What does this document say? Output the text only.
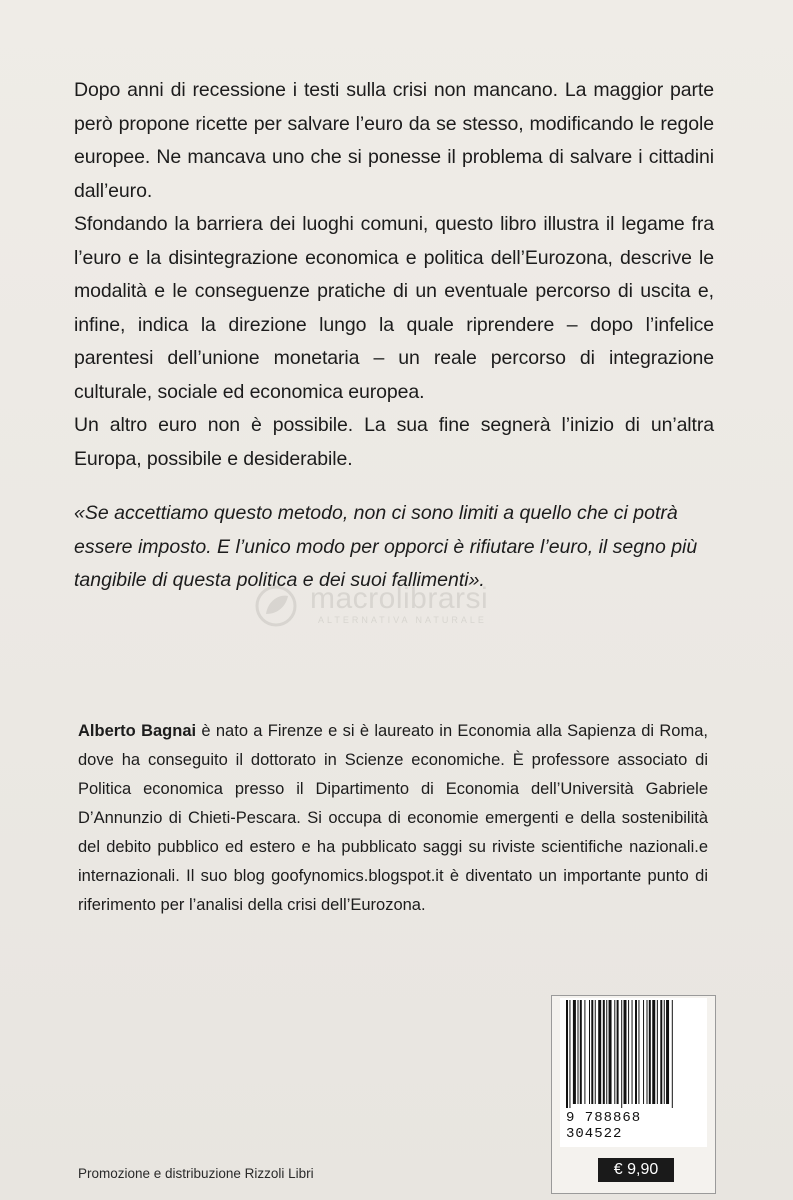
Dopo anni di recessione i testi sulla crisi non mancano. La maggior parte però propone ricette per salvare l’euro da se stesso, modificando le regole europee. Ne mancava uno che si ponesse il problema di salvare i cittadini dall’euro.

Sfondando la barriera dei luoghi comuni, questo libro illustra il legame fra l’euro e la disintegrazione economica e politica dell’Eurozona, descrive le modalità e le conseguenze pratiche di un eventuale percorso di uscita e, infine, indica la direzione lungo la quale riprendere – dopo l’infelice parentesi dell’unione monetaria – un reale percorso di integrazione culturale, sociale ed economica europea.

Un altro euro non è possibile. La sua fine segnerà l’inizio di un’altra Europa, possibile e desiderabile.

«Se accettiamo questo metodo, non ci sono limiti a quello che ci potrà essere imposto. E l’unico modo per opporci è rifiutare l’euro, il segno più tangibile di questa politica e dei suoi fallimenti».

macrolibrarsi
ALTERNATIVA NATURALE

Alberto Bagnai è nato a Firenze e si è laureato in Economia alla Sapienza di Roma, dove ha conseguito il dottorato in Scienze economiche. È professore associato di Politica economica presso il Dipartimento di Economia dell’Università Gabriele D’Annunzio di Chieti-Pescara. Si occupa di economie emergenti e della sostenibilità del debito pubblico ed estero e ha pubblicato saggi su riviste scientifiche nazionali.e internazionali. Il suo blog goofynomics.blogspot.it è diventato un importante punto di riferimento per l’analisi della crisi dell’Eurozona.

Promozione e distribuzione Rizzoli Libri
9 788868 304522
€ 9,90
